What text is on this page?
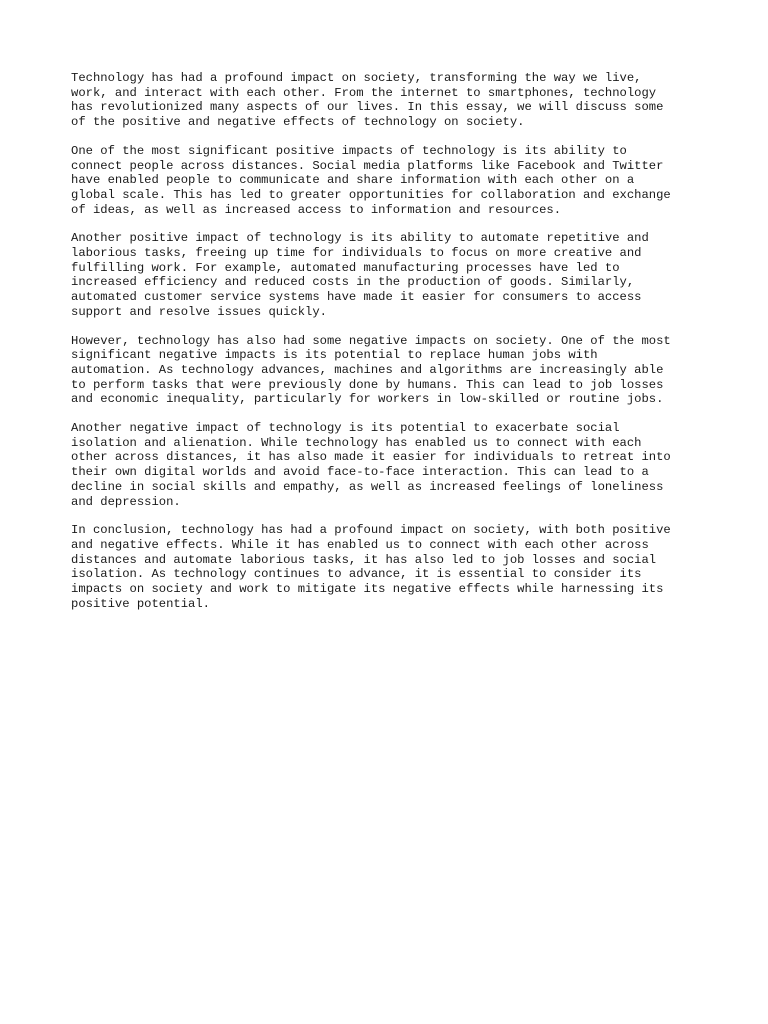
Technology has had a profound impact on society, transforming the way we live,
work, and interact with each other. From the internet to smartphones, technology
has revolutionized many aspects of our lives. In this essay, we will discuss some
of the positive and negative effects of technology on society.

One of the most significant positive impacts of technology is its ability to
connect people across distances. Social media platforms like Facebook and Twitter
have enabled people to communicate and share information with each other on a
global scale. This has led to greater opportunities for collaboration and exchange
of ideas, as well as increased access to information and resources.

Another positive impact of technology is its ability to automate repetitive and
laborious tasks, freeing up time for individuals to focus on more creative and
fulfilling work. For example, automated manufacturing processes have led to
increased efficiency and reduced costs in the production of goods. Similarly,
automated customer service systems have made it easier for consumers to access
support and resolve issues quickly.

However, technology has also had some negative impacts on society. One of the most
significant negative impacts is its potential to replace human jobs with
automation. As technology advances, machines and algorithms are increasingly able
to perform tasks that were previously done by humans. This can lead to job losses
and economic inequality, particularly for workers in low-skilled or routine jobs.

Another negative impact of technology is its potential to exacerbate social
isolation and alienation. While technology has enabled us to connect with each
other across distances, it has also made it easier for individuals to retreat into
their own digital worlds and avoid face-to-face interaction. This can lead to a
decline in social skills and empathy, as well as increased feelings of loneliness
and depression.

In conclusion, technology has had a profound impact on society, with both positive
and negative effects. While it has enabled us to connect with each other across
distances and automate laborious tasks, it has also led to job losses and social
isolation. As technology continues to advance, it is essential to consider its
impacts on society and work to mitigate its negative effects while harnessing its
positive potential.
